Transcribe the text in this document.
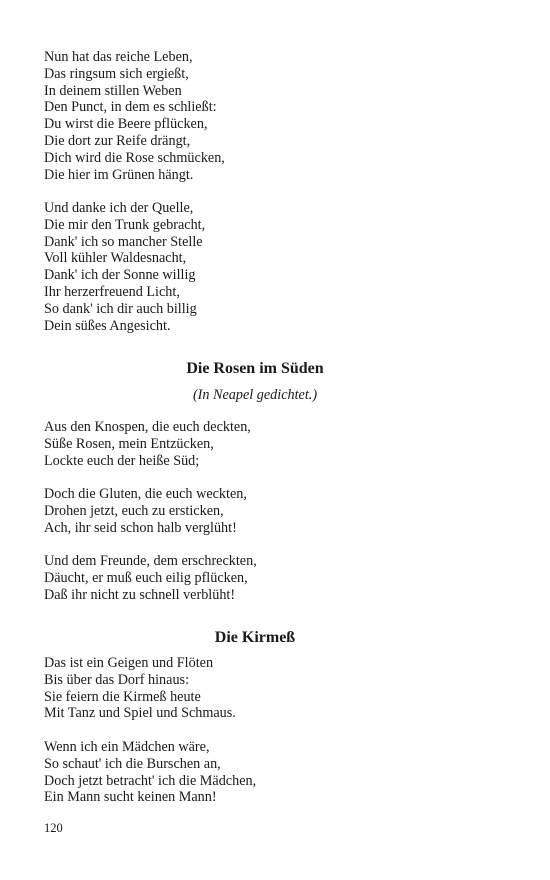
Nun hat das reiche Leben,
Das ringsum sich ergießt,
In deinem stillen Weben
Den Punct, in dem es schließt:
Du wirst die Beere pflücken,
Die dort zur Reife drängt,
Dich wird die Rose schmücken,
Die hier im Grünen hängt.
Und danke ich der Quelle,
Die mir den Trunk gebracht,
Dank' ich so mancher Stelle
Voll kühler Waldesnacht,
Dank' ich der Sonne willig
Ihr herzerfreuend Licht,
So dank' ich dir auch billig
Dein süßes Angesicht.
Die Rosen im Süden

(In Neapel gedichtet.)

Aus den Knospen, die euch deckten,
Süße Rosen, mein Entzücken,
Lockte euch der heiße Süd;
Doch die Gluten, die euch weckten,
Drohen jetzt, euch zu ersticken,
Ach, ihr seid schon halb verglüht!
Und dem Freunde, dem erschreckten,
Däucht, er muß euch eilig pflücken,
Daß ihr nicht zu schnell verblüht!
Die Kirmeß
Das ist ein Geigen und Flöten
Bis über das Dorf hinaus:
Sie feiern die Kirmeß heute
Mit Tanz und Spiel und Schmaus.
Wenn ich ein Mädchen wäre,
So schaut' ich die Burschen an,
Doch jetzt betracht' ich die Mädchen,
Ein Mann sucht keinen Mann!
120
